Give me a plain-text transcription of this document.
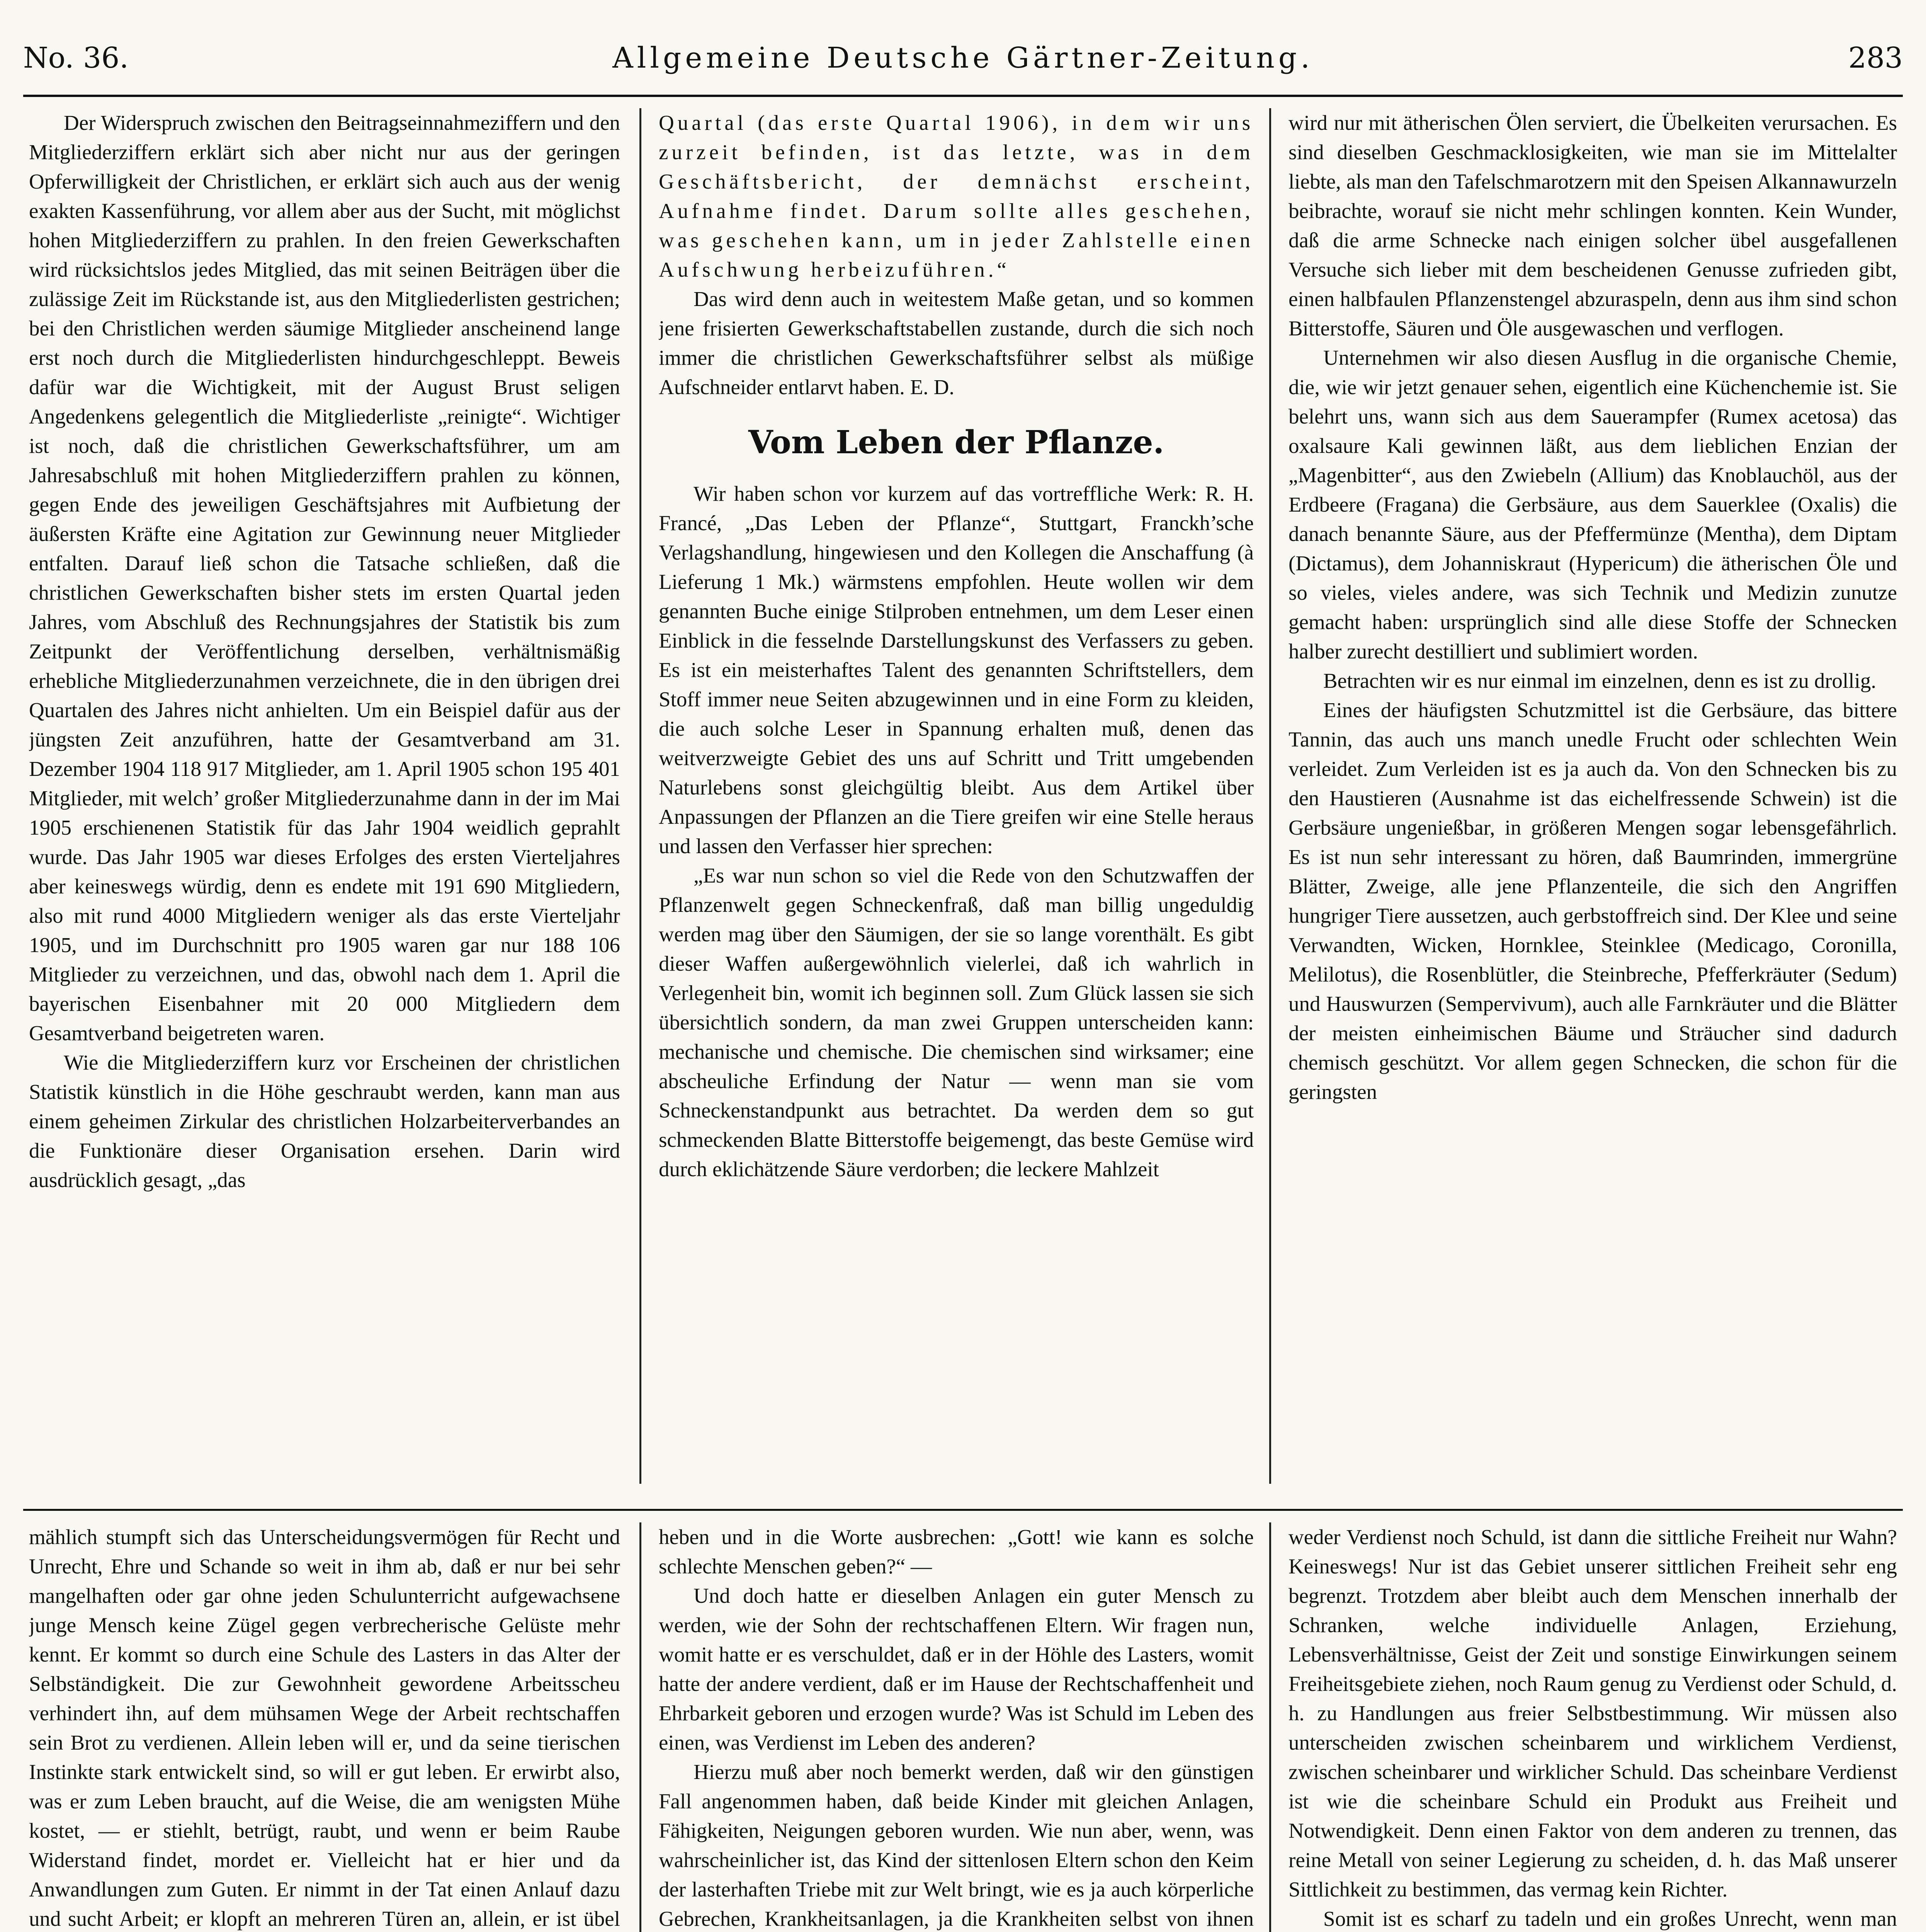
No. 36.	Allgemeine Deutsche Gärtner-Zeitung.	283

Der Widerspruch zwischen den Beitragseinnahmeziffern und den Mitgliederziffern erklärt sich aber nicht nur aus der geringen Opferwilligkeit der Christlichen, er erklärt sich auch aus der wenig exakten Kassenführung, vor allem aber aus der Sucht, mit möglichst hohen Mitgliederziffern zu prahlen. In den freien Gewerkschaften wird rücksichtslos jedes Mitglied, das mit seinen Beiträgen über die zulässige Zeit im Rückstande ist, aus den Mitgliederlisten gestrichen; bei den Christlichen werden säumige Mitglieder anscheinend lange erst noch durch die Mitgliederlisten hindurchgeschleppt. Beweis dafür war die Wichtigkeit, mit der August Brust seligen Angedenkens gelegentlich die Mitgliederliste „reinigte“. Wichtiger ist noch, daß die christlichen Gewerkschaftsführer, um am Jahresabschluß mit hohen Mitgliederziffern prahlen zu können, gegen Ende des jeweiligen Geschäftsjahres mit Aufbietung der äußersten Kräfte eine Agitation zur Gewinnung neuer Mitglieder entfalten. Darauf ließ schon die Tatsache schließen, daß die christlichen Gewerkschaften bisher stets im ersten Quartal jeden Jahres, vom Abschluß des Rechnungsjahres der Statistik bis zum Zeitpunkt der Veröffentlichung derselben, verhältnismäßig erhebliche Mitgliederzunahmen verzeichnete, die in den übrigen drei Quartalen des Jahres nicht anhielten. Um ein Beispiel dafür aus der jüngsten Zeit anzuführen, hatte der Gesamtverband am 31. Dezember 1904 118 917 Mitglieder, am 1. April 1905 schon 195 401 Mitglieder, mit welch’ großer Mitgliederzunahme dann in der im Mai 1905 erschienenen Statistik für das Jahr 1904 weidlich geprahlt wurde. Das Jahr 1905 war dieses Erfolges des ersten Vierteljahres aber keineswegs würdig, denn es endete mit 191 690 Mitgliedern, also mit rund 4000 Mitgliedern weniger als das erste Vierteljahr 1905, und im Durchschnitt pro 1905 waren gar nur 188 106 Mitglieder zu verzeichnen, und das, obwohl nach dem 1. April die bayerischen Eisenbahner mit 20 000 Mitgliedern dem Gesamtverband beigetreten waren.

Wie die Mitgliederziffern kurz vor Erscheinen der christlichen Statistik künstlich in die Höhe geschraubt werden, kann man aus einem geheimen Zirkular des christlichen Holzarbeiterverbandes an die Funktionäre dieser Organisation ersehen. Darin wird ausdrücklich gesagt, „das

Quartal (das erste Quartal 1906), in dem wir uns zurzeit befinden, ist das letzte, was in dem Geschäftsbericht, der demnächst erscheint, Aufnahme findet. Darum sollte alles geschehen, was geschehen kann, um in jeder Zahlstelle einen Aufschwung herbeizuführen.“

Das wird denn auch in weitestem Maße getan, und so kommen jene frisierten Gewerkschaftstabellen zustande, durch die sich noch immer die christlichen Gewerkschaftsführer selbst als müßige Aufschneider entlarvt haben. E. D.

Vom Leben der Pflanze.

Wir haben schon vor kurzem auf das vortreffliche Werk: R. H. Francé, „Das Leben der Pflanze“, Stuttgart, Franckh’sche Verlagshandlung, hingewiesen und den Kollegen die Anschaffung (à Lieferung 1 Mk.) wärmstens empfohlen. Heute wollen wir dem genannten Buche einige Stilproben entnehmen, um dem Leser einen Einblick in die fesselnde Darstellungskunst des Verfassers zu geben. Es ist ein meisterhaftes Talent des genannten Schriftstellers, dem Stoff immer neue Seiten abzugewinnen und in eine Form zu kleiden, die auch solche Leser in Spannung erhalten muß, denen das weitverzweigte Gebiet des uns auf Schritt und Tritt umgebenden Naturlebens sonst gleichgültig bleibt. Aus dem Artikel über Anpassungen der Pflanzen an die Tiere greifen wir eine Stelle heraus und lassen den Verfasser hier sprechen:

„Es war nun schon so viel die Rede von den Schutzwaffen der Pflanzenwelt gegen Schneckenfraß, daß man billig ungeduldig werden mag über den Säumigen, der sie so lange vorenthält. Es gibt dieser Waffen außergewöhnlich vielerlei, daß ich wahrlich in Verlegenheit bin, womit ich beginnen soll. Zum Glück lassen sie sich übersichtlich sondern, da man zwei Gruppen unterscheiden kann: mechanische und chemische. Die chemischen sind wirksamer; eine abscheuliche Erfindung der Natur — wenn man sie vom Schneckenstandpunkt aus betrachtet. Da werden dem so gut schmeckenden Blatte Bitterstoffe beigemengt, das beste Gemüse wird durch eklichätzende Säure verdorben; die leckere Mahlzeit

wird nur mit ätherischen Ölen serviert, die Übelkeiten verursachen. Es sind dieselben Geschmacklosigkeiten, wie man sie im Mittelalter liebte, als man den Tafelschmarotzern mit den Speisen Alkannawurzeln beibrachte, worauf sie nicht mehr schlingen konnten. Kein Wunder, daß die arme Schnecke nach einigen solcher übel ausgefallenen Versuche sich lieber mit dem bescheidenen Genusse zufrieden gibt, einen halbfaulen Pflanzenstengel abzuraspeln, denn aus ihm sind schon Bitterstoffe, Säuren und Öle ausgewaschen und verflogen.

Unternehmen wir also diesen Ausflug in die organische Chemie, die, wie wir jetzt genauer sehen, eigentlich eine Küchenchemie ist. Sie belehrt uns, wann sich aus dem Sauerampfer (Rumex acetosa) das oxalsaure Kali gewinnen läßt, aus dem lieblichen Enzian der „Magenbitter“, aus den Zwiebeln (Allium) das Knoblauchöl, aus der Erdbeere (Fragana) die Gerbsäure, aus dem Sauerklee (Oxalis) die danach benannte Säure, aus der Pfeffermünze (Mentha), dem Diptam (Dictamus), dem Johanniskraut (Hypericum) die ätherischen Öle und so vieles, vieles andere, was sich Technik und Medizin zunutze gemacht haben: ursprünglich sind alle diese Stoffe der Schnecken halber zurecht destilliert und sublimiert worden.

Betrachten wir es nur einmal im einzelnen, denn es ist zu drollig.

Eines der häufigsten Schutzmittel ist die Gerbsäure, das bittere Tannin, das auch uns manch unedle Frucht oder schlechten Wein verleidet. Zum Verleiden ist es ja auch da. Von den Schnecken bis zu den Haustieren (Ausnahme ist das eichelfressende Schwein) ist die Gerbsäure ungenießbar, in größeren Mengen sogar lebensgefährlich. Es ist nun sehr interessant zu hören, daß Baumrinden, immergrüne Blätter, Zweige, alle jene Pflanzenteile, die sich den Angriffen hungriger Tiere aussetzen, auch gerbstoffreich sind. Der Klee und seine Verwandten, Wicken, Hornklee, Steinklee (Medicago, Coronilla, Melilotus), die Rosenblütler, die Steinbreche, Pfefferkräuter (Sedum) und Hauswurzen (Sempervivum), auch alle Farnkräuter und die Blätter der meisten einheimischen Bäume und Sträucher sind dadurch chemisch geschützt. Vor allem gegen Schnecken, die schon für die geringsten

mählich stumpft sich das Unterscheidungsvermögen für Recht und Unrecht, Ehre und Schande so weit in ihm ab, daß er nur bei sehr mangelhaften oder gar ohne jeden Schulunterricht aufgewachsene junge Mensch keine Zügel gegen verbrecherische Gelüste mehr kennt. Er kommt so durch eine Schule des Lasters in das Alter der Selbständigkeit. Die zur Gewohnheit gewordene Arbeitsscheu verhindert ihn, auf dem mühsamen Wege der Arbeit rechtschaffen sein Brot zu verdienen. Allein leben will er, und da seine tierischen Instinkte stark entwickelt sind, so will er gut leben. Er erwirbt also, was er zum Leben braucht, auf die Weise, die am wenigsten Mühe kostet, — er stiehlt, betrügt, raubt, und wenn er beim Raube Widerstand findet, mordet er. Vielleicht hat er hier und da Anwandlungen zum Guten. Er nimmt in der Tat einen Anlauf dazu und sucht Arbeit; er klopft an mehreren Türen an, allein, er ist übel

heben und in die Worte ausbrechen: „Gott! wie kann es solche schlechte Menschen geben?“ —

Und doch hatte er dieselben Anlagen ein guter Mensch zu werden, wie der Sohn der rechtschaffenen Eltern. Wir fragen nun, womit hatte er es verschuldet, daß er in der Höhle des Lasters, womit hatte der andere verdient, daß er im Hause der Rechtschaffenheit und Ehrbarkeit geboren und erzogen wurde? Was ist Schuld im Leben des einen, was Verdienst im Leben des anderen?

Hierzu muß aber noch bemerkt werden, daß wir den günstigen Fall angenommen haben, daß beide Kinder mit gleichen Anlagen, Fähigkeiten, Neigungen geboren wurden. Wie nun aber, wenn, was wahrscheinlicher ist, das Kind der sittenlosen Eltern schon den Keim der lasterhaften Triebe mit zur Welt bringt, wie es ja auch körperliche Gebrechen, Krankheitsanlagen, ja die Krankheiten selbst von ihnen

weder Verdienst noch Schuld, ist dann die sittliche Freiheit nur Wahn? Keineswegs! Nur ist das Gebiet unserer sittlichen Freiheit sehr eng begrenzt. Trotzdem aber bleibt auch dem Menschen innerhalb der Schranken, welche individuelle Anlagen, Erziehung, Lebensverhältnisse, Geist der Zeit und sonstige Einwirkungen seinem Freiheitsgebiete ziehen, noch Raum genug zu Verdienst oder Schuld, d. h. zu Handlungen aus freier Selbstbestimmung. Wir müssen also unterscheiden zwischen scheinbarem und wirklichem Verdienst, zwischen scheinbarer und wirklicher Schuld. Das scheinbare Verdienst ist wie die scheinbare Schuld ein Produkt aus Freiheit und Notwendigkeit. Denn einen Faktor von dem anderen zu trennen, das reine Metall von seiner Legierung zu scheiden, d. h. das Maß unserer Sittlichkeit zu bestimmen, das vermag kein Richter.

Somit ist es scharf zu tadeln und ein großes Unrecht, wenn man
